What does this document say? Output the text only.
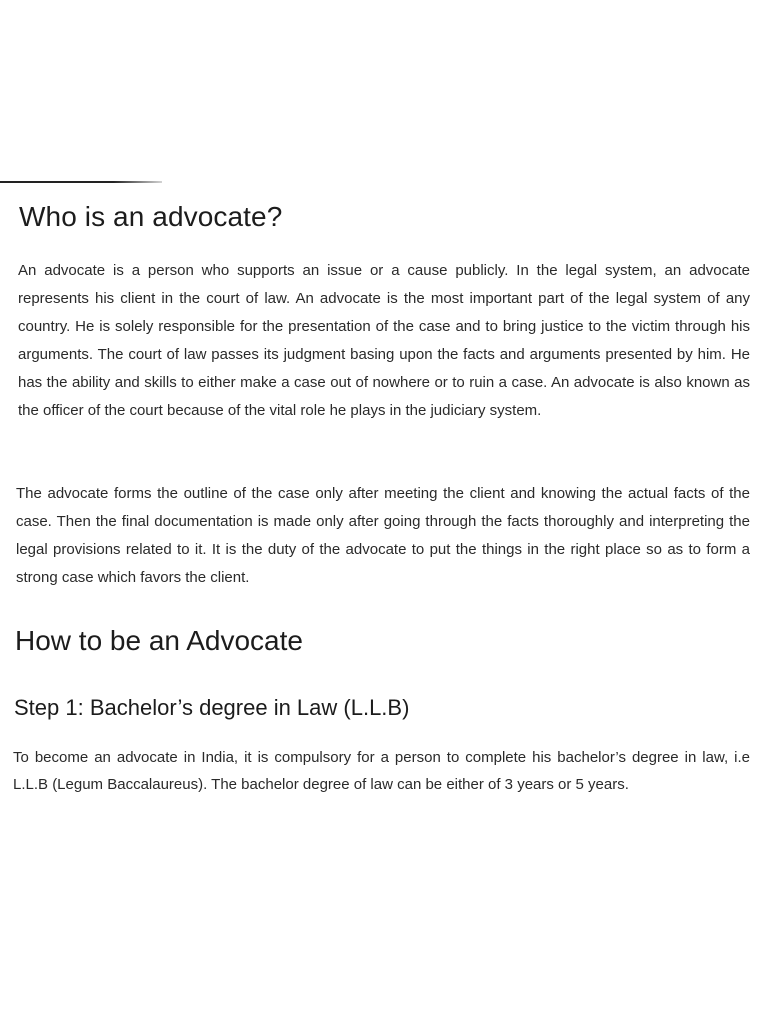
Who is an advocate?

An advocate is a person who supports an issue or a cause publicly. In the legal system, an advocate represents his client in the court of law. An advocate is the most important part of the legal system of any country. He is solely responsible for the presentation of the case and to bring justice to the victim through his arguments. The court of law passes its judgment basing upon the facts and arguments presented by him. He has the ability and skills to either make a case out of nowhere or to ruin a case. An advocate is also known as the officer of the court because of the vital role he plays in the judiciary system.

The advocate forms the outline of the case only after meeting the client and knowing the actual facts of the case. Then the final documentation is made only after going through the facts thoroughly and interpreting the legal provisions related to it. It is the duty of the advocate to put the things in the right place so as to form a strong case which favors the client.

How to be an Advocate
Step 1: Bachelor’s degree in Law (L.L.B)

To become an advocate in India, it is compulsory for a person to complete his bachelor’s degree in law, i.e L.L.B (Legum Baccalaureus). The bachelor degree of law can be either of 3 years or 5 years.
